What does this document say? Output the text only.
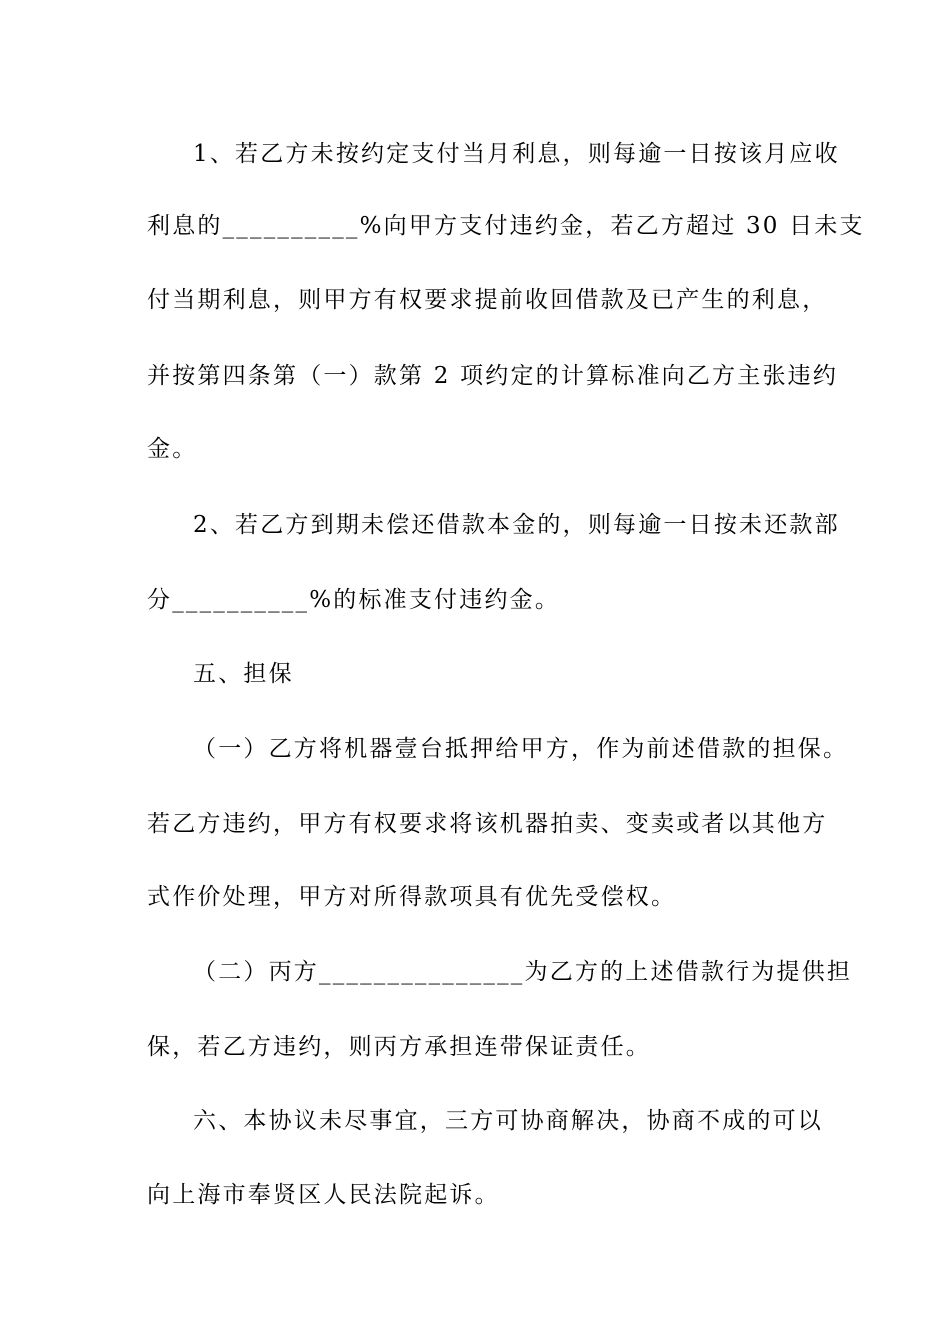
1、若乙方未按约定支付当月利息，则每逾一日按该月应收
利息的__________%向甲方支付违约金，若乙方超过 30 日未支
付当期利息，则甲方有权要求提前收回借款及已产生的利息，
并按第四条第（一）款第 2 项约定的计算标准向乙方主张违约
金。
2、若乙方到期未偿还借款本金的，则每逾一日按未还款部
分__________%的标准支付违约金。
五、担保
（一）乙方将机器壹台抵押给甲方，作为前述借款的担保。
若乙方违约，甲方有权要求将该机器拍卖、变卖或者以其他方
式作价处理，甲方对所得款项具有优先受偿权。
（二）丙方_______________为乙方的上述借款行为提供担
保，若乙方违约，则丙方承担连带保证责任。
六、本协议未尽事宜，三方可协商解决，协商不成的可以
向上海市奉贤区人民法院起诉。
